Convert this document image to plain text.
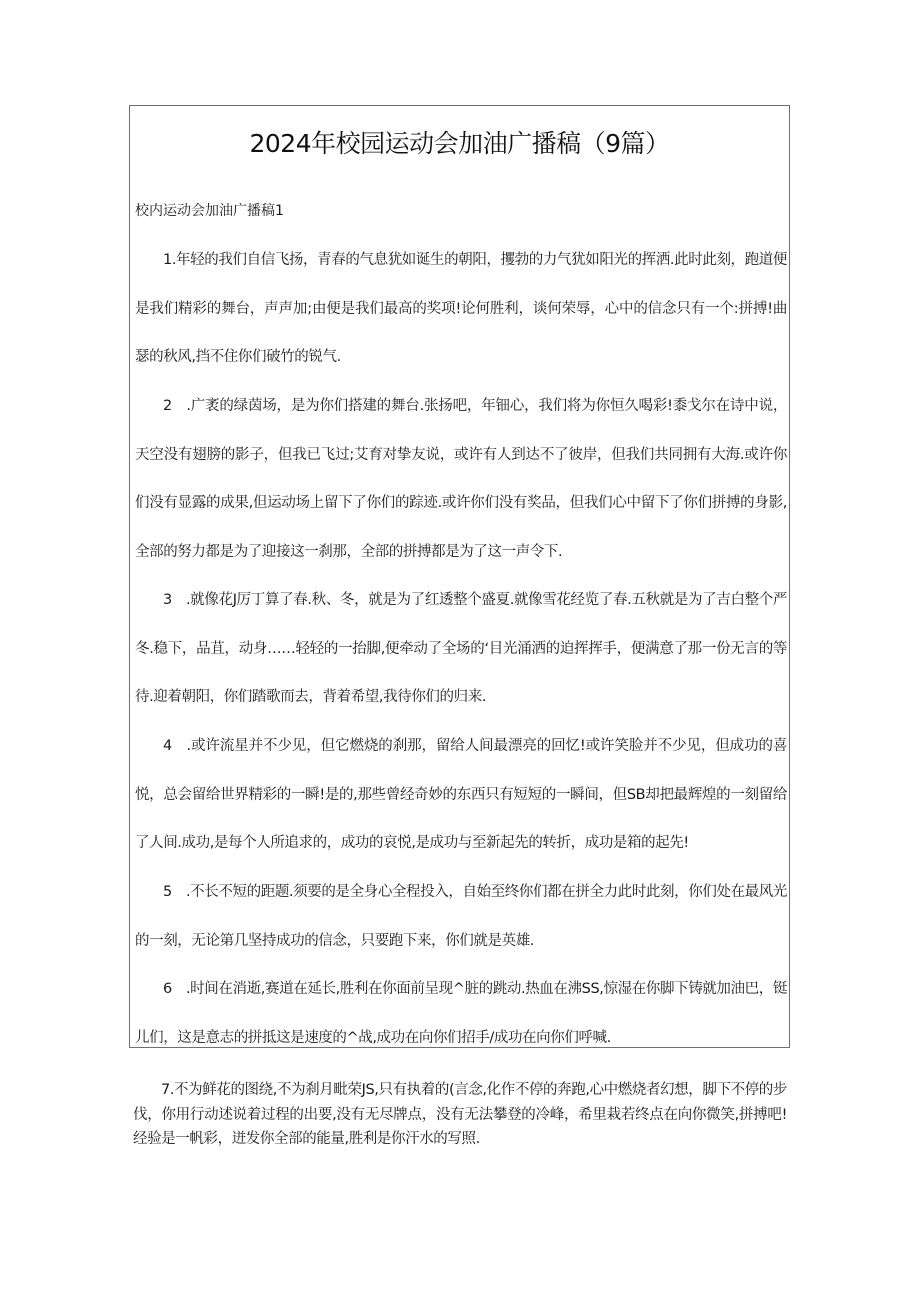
2024年校园运动会加油广播稿（9篇）
校内运动会加油广播稿1
1.年轻的我们自信飞扬，青春的气息犹如诞生的朝阳，攫勃的力气犹如阳光的挥洒.此时此刻，跑道便是我们精彩的舞台，声声加;由便是我们最高的奖项!论何胜利，谈何荣辱，心中的信念只有一个:拼搏!曲瑟的秋风,挡不住你们破竹的锐气.
2　.广袤的绿茵场，是为你们搭建的舞台.张扬吧，年钿心，我们将为你恒久喝彩!黍戈尔在诗中说，天空没有翅膀的影子，但我已飞过;艾育对挚友说，或许有人到达不了彼岸，但我们共同拥有大海.或许你们没有显露的成果,但运动场上留下了你们的踪迹.或许你们没有奖品，但我们心中留下了你们拼搏的身影,全部的努力都是为了迎接这一刹那，全部的拼搏都是为了这一声令下.
3　.就像花J厉丁算了春.秋、冬，就是为了红透整个盛夏.就像雪花经览了春.五秋就是为了吉白整个严冬.稳下，品苴，动身……轻轻的一抬脚,便牵动了全场的‘目光涌洒的迫挥挥手，便满意了那一份无言的等待.迎着朝阳，你们踏歌而去，背着希望,我待你们的归来.
4　.或许流星并不少见，但它燃烧的刹那，留给人间最漂亮的回忆!或许笑脸并不少见，但成功的喜悦，总会留给世界精彩的一瞬!是的,那些曾经奇妙的东西只有短短的一瞬间，但SB却把最辉煌的一刻留给了人间.成功,是每个人所追求的，成功的哀悦,是成功与至新起先的转折，成功是箱的起先!
5　.不长不短的距题.须要的是全身心全程投入，自始至终你们都在拼全力此时此刻，你们处在最风光的一刻，无论第几坚持成功的信念，只要跑下来，你们就是英雄.
6　.时间在消逝,赛道在延长,胜利在你面前呈现^脏的跳动.热血在沸SS,惊湿在你脚下铸就加油巴，铤儿们，这是意志的拼抵这是速度的^战,成功在向你们招手/成功在向你们呼喊.
7.不为鲜花的图绕,不为刹月毗荣JS,只有执着的(言念,化作不停的奔跑,心中燃烧者幻想，脚下不停的步伐，你用行动述说着过程的出要,没有无尽牌点，没有无法攀登的冷峰，希里栽若终点在向你微笑,拼搏吧!经验是一帆彩，迸发你全部的能量,胜利是你汗水的写照.
